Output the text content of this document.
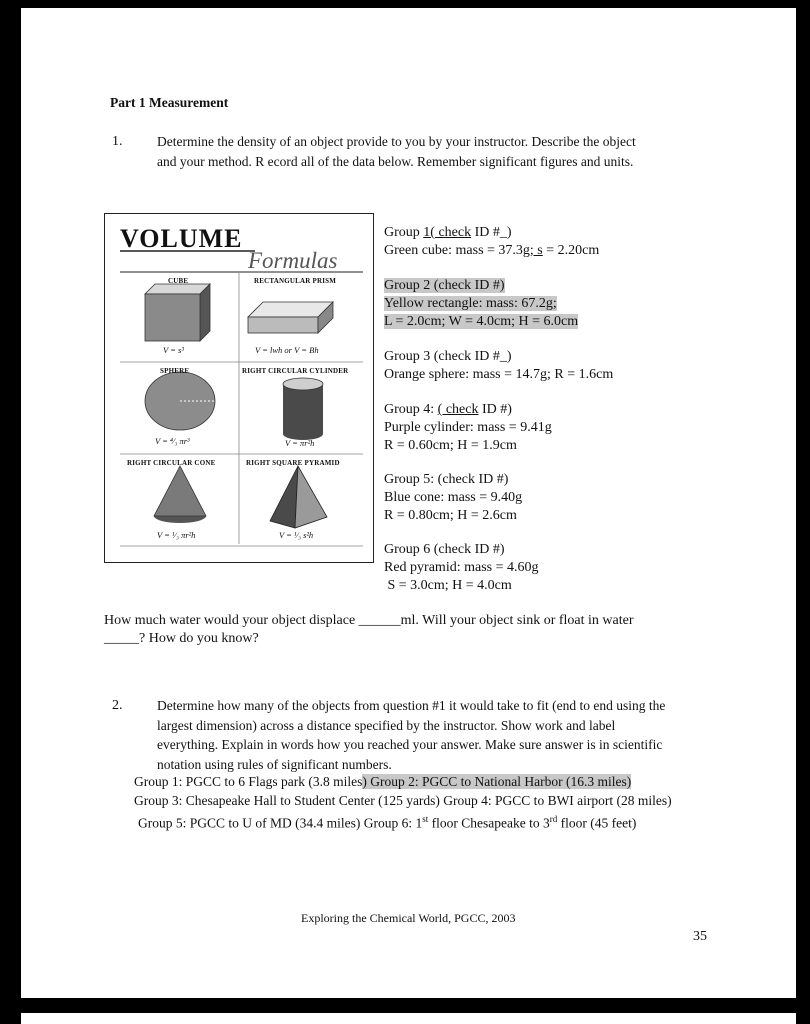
Part 1 Measurement
1.	Determine the density of an object provide to you by your instructor. Describe the object
and your method. R ecord all of the data below. Remember significant figures and units.
VOLUME
Formulas
CUBE	RECTANGULAR PRISM
SPHERE	RIGHT CIRCULAR CYLINDER
RIGHT CIRCULAR CONE	RIGHT SQUARE PYRAMID
V = s³	V = lwh or V = Bh
V = ⁴⁄₃ πr³	V = πr²h
V = ¹⁄₃ πr²h	V = ¹⁄₃ s²h
Group 1( check ID #_)
Green cube: mass = 37.3g; s = 2.20cm
Group 2 (check ID #)
Yellow rectangle: mass: 67.2g;
L = 2.0cm; W = 4.0cm; H = 6.0cm
Group 3 (check ID #_)
Orange sphere: mass = 14.7g; R = 1.6cm
Group 4: ( check ID #)
Purple cylinder: mass = 9.41g
R = 0.60cm; H = 1.9cm
Group 5: (check ID #)
Blue cone: mass = 9.40g
R = 0.80cm; H = 2.6cm
Group 6 (check ID #)
Red pyramid: mass = 4.60g
S = 3.0cm; H = 4.0cm
How much water would your object displace ______ml. Will your object sink or float in water
_____? How do you know?
2.	Determine how many of the objects from question #1 it would take to fit (end to end using the
largest dimension) across a distance specified by the instructor. Show work and label
everything. Explain in words how you reached your answer. Make sure answer is in scientific
notation using rules of significant numbers.
Group 1: PGCC to 6 Flags park (3.8 miles) Group 2: PGCC to National Harbor (16.3 miles)
Group 3: Chesapeake Hall to Student Center (125 yards) Group 4: PGCC to BWI airport (28 miles)
Group 5: PGCC to U of MD (34.4 miles) Group 6: 1st floor Chesapeake to 3rd floor (45 feet)
Exploring the Chemical World, PGCC, 2003
35
